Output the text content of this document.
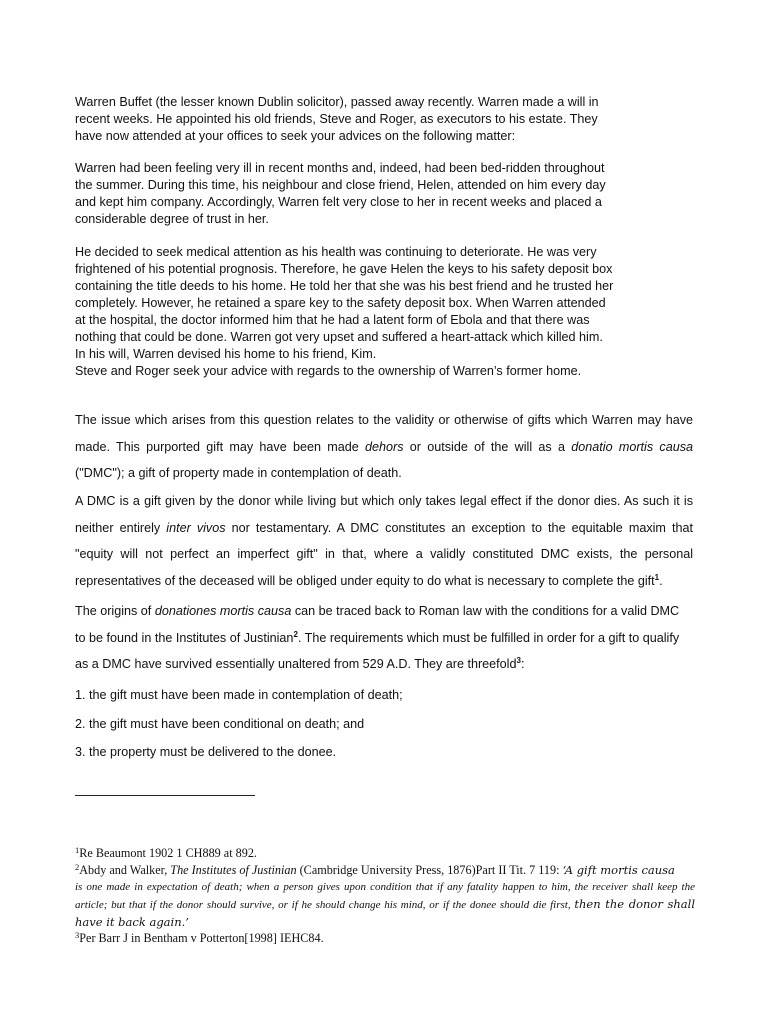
Warren Buffet (the lesser known Dublin solicitor), passed away recently. Warren made a will in recent weeks. He appointed his old friends, Steve and Roger, as executors to his estate. They have now attended at your offices to seek your advices on the following matter:

Warren had been feeling very ill in recent months and, indeed, had been bed-ridden throughout the summer. During this time, his neighbour and close friend, Helen, attended on him every day and kept him company. Accordingly, Warren felt very close to her in recent weeks and placed a considerable degree of trust in her.

He decided to seek medical attention as his health was continuing to deteriorate. He was very frightened of his potential prognosis. Therefore, he gave Helen the keys to his safety deposit box containing the title deeds to his home. He told her that she was his best friend and he trusted her completely. However, he retained a spare key to the safety deposit box. When Warren attended at the hospital, the doctor informed him that he had a latent form of Ebola and that there was nothing that could be done. Warren got very upset and suffered a heart-attack which killed him. In his will, Warren devised his home to his friend, Kim.

Steve and Roger seek your advice with regards to the ownership of Warren’s former home.

The issue which arises from this question relates to the validity or otherwise of gifts which Warren may have made. This purported gift may have been made dehors or outside of the will as a donatio mortis causa ("DMC"); a gift of property made in contemplation of death.

A DMC is a gift given by the donor while living but which only takes legal effect if the donor dies. As such it is neither entirely inter vivos nor testamentary. A DMC constitutes an exception to the equitable maxim that "equity will not perfect an imperfect gift" in that, where a validly constituted DMC exists, the personal representatives of the deceased will be obliged under equity to do what is necessary to complete the gift$^1$.

The origins of donationes mortis causa can be traced back to Roman law with the conditions for a valid DMC to be found in the Institutes of Justinian$^2$. The requirements which must be fulfilled in order for a gift to qualify as a DMC have survived essentially unaltered from 529 A.D. They are threefold$^3$:

1. the gift must have been made in contemplation of death;
2. the gift must have been conditional on death; and
3. the property must be delivered to the donee.

$^1$Re Beaumont 1902 1 CH889 at 892.

$^2$Abdy and Walker, The Institutes of Justinian (Cambridge University Press, 1876)Part II Tit. 7 119: ‘A gift mortis causa

is one made in expectation of death; when a person gives upon condition that if any fatality happen to him, the receiver shall keep the article; but that if the donor should survive, or if he should change his mind, or if the donee should die first, then the donor shall have it back again.’

$^3$Per Barr J in Bentham v Potterton[1998] IEHC84.
